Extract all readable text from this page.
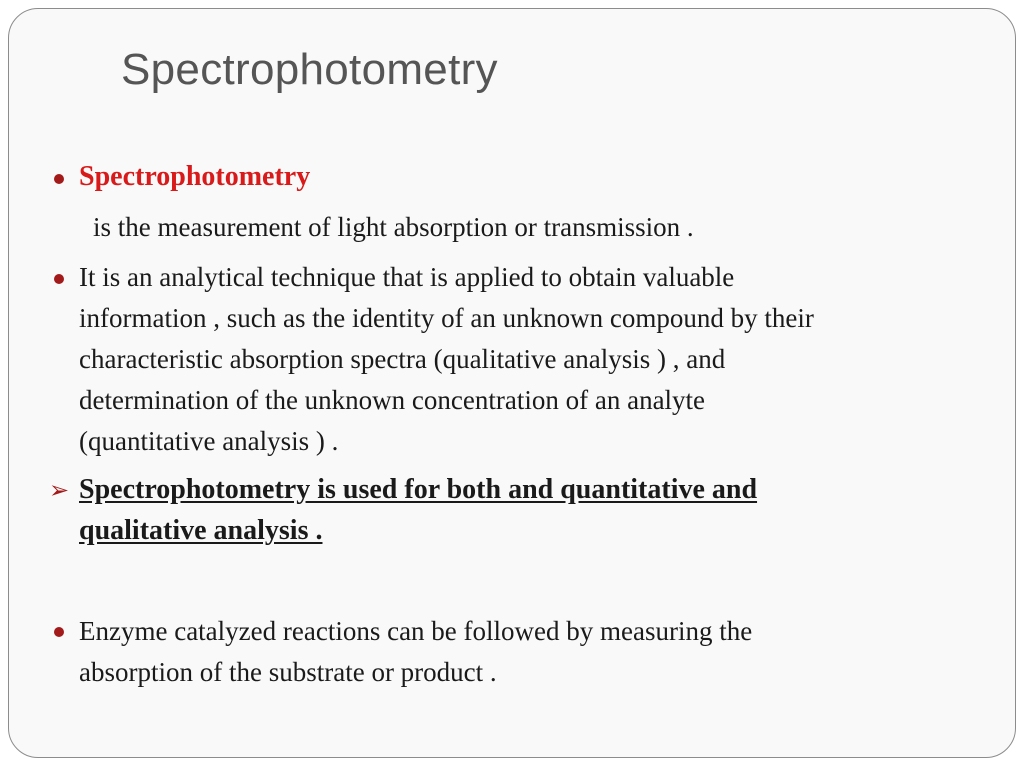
Spectrophotometry
Spectrophotometry
is the measurement of light absorption or transmission .
It is an analytical technique that is applied to obtain valuable
information , such as the identity of an unknown compound by their
characteristic absorption spectra (qualitative analysis ) , and
determination of the unknown concentration of an analyte
(quantitative analysis ) .
➢ Spectrophotometry is used for both and quantitative and
qualitative analysis .
Enzyme catalyzed reactions can be followed by measuring the
absorption of the substrate or product .
